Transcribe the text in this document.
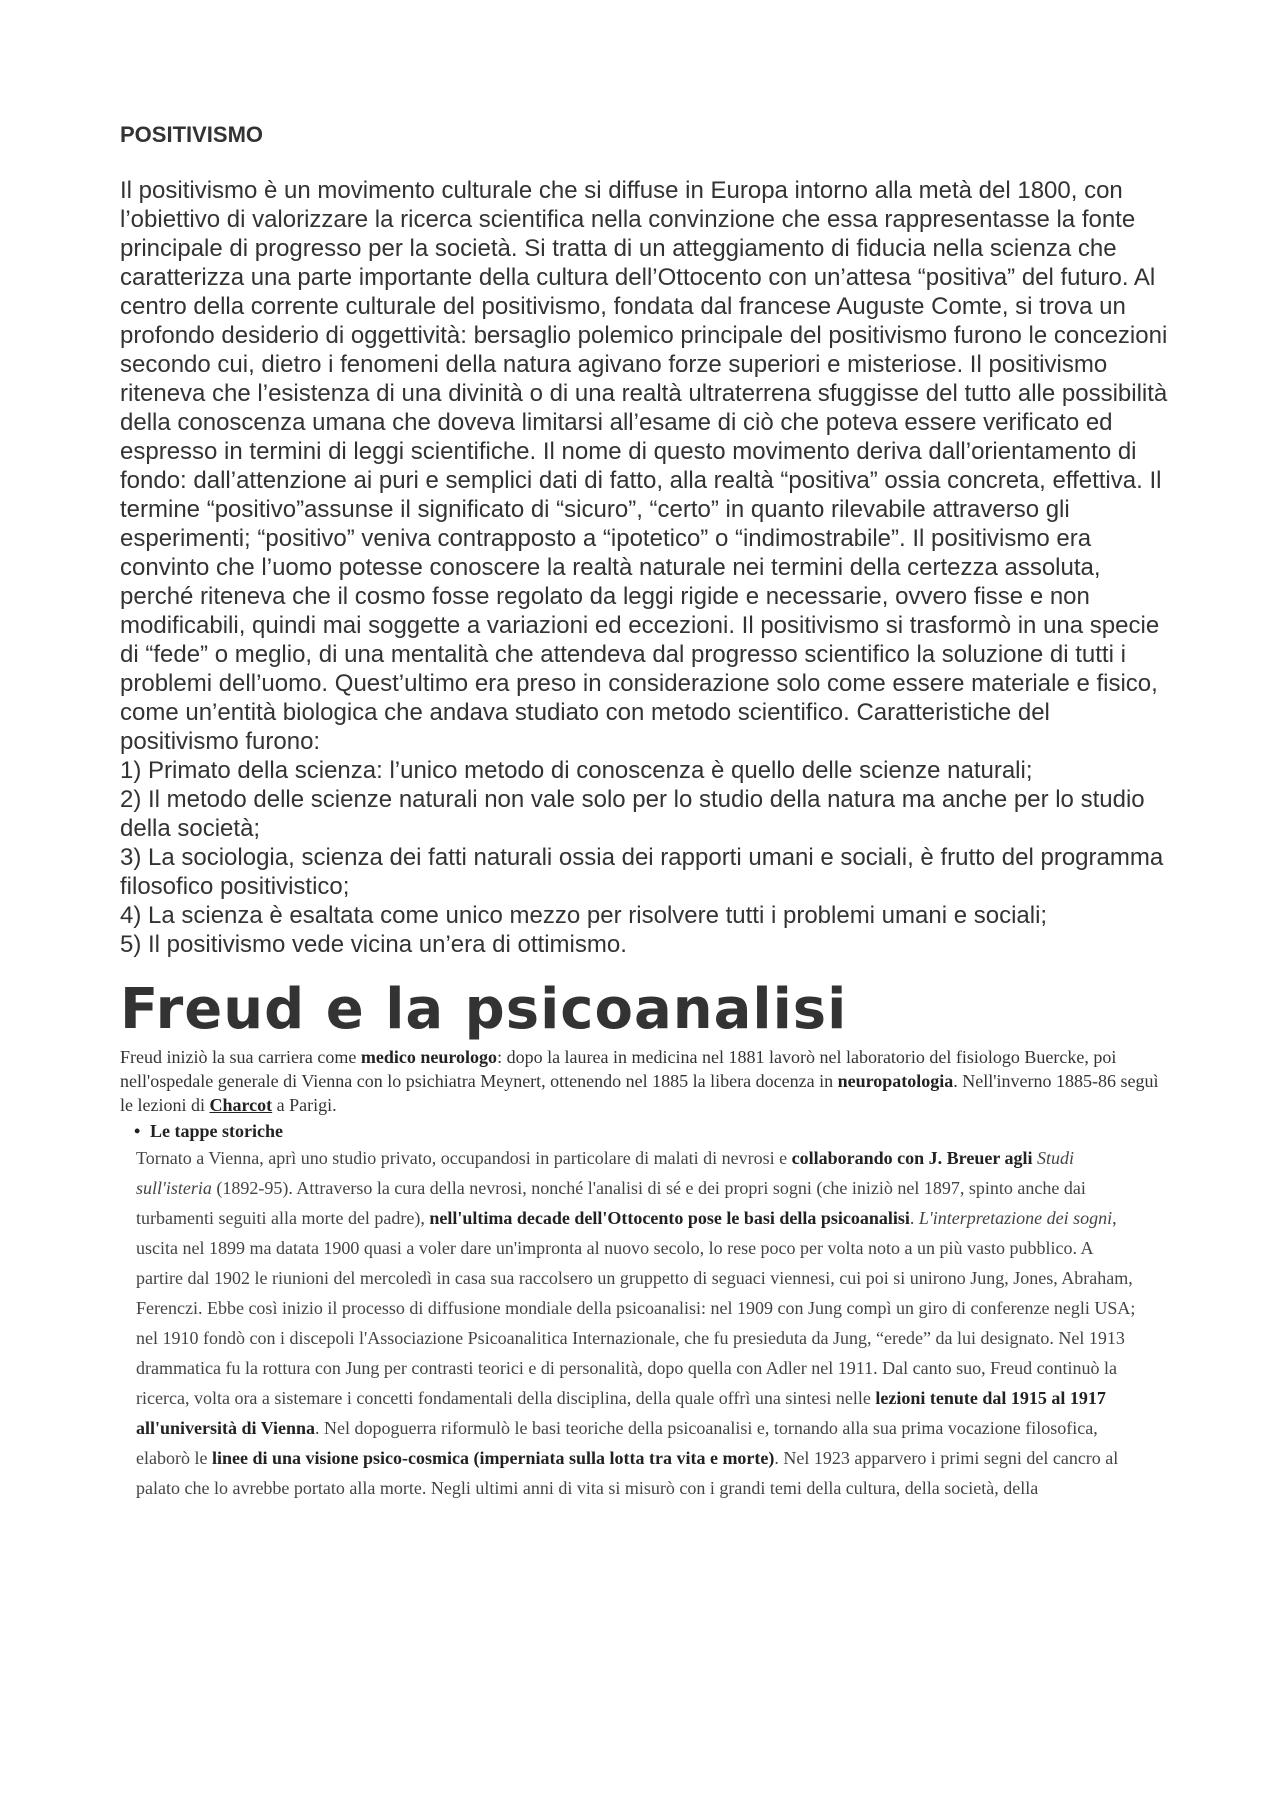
POSITIVISMO

Il positivismo è un movimento culturale che si diffuse in Europa intorno alla metà del 1800, con l’obiettivo di valorizzare la ricerca scientifica nella convinzione che essa rappresentasse la fonte principale di progresso per la società. Si tratta di un atteggiamento di fiducia nella scienza che caratterizza una parte importante della cultura dell’Ottocento con un’attesa “positiva” del futuro. Al centro della corrente culturale del positivismo, fondata dal francese Auguste Comte, si trova un profondo desiderio di oggettività: bersaglio polemico principale del positivismo furono le concezioni secondo cui, dietro i fenomeni della natura agivano forze superiori e misteriose. Il positivismo riteneva che l’esistenza di una divinità o di una realtà ultraterrena sfuggisse del tutto alle possibilità della conoscenza umana che doveva limitarsi all’esame di ciò che poteva essere verificato ed espresso in termini di leggi scientifiche. Il nome di questo movimento deriva dall’orientamento di fondo: dall’attenzione ai puri e semplici dati di fatto, alla realtà “positiva” ossia concreta, effettiva. Il termine “positivo”assunse il significato di “sicuro”, “certo” in quanto rilevabile attraverso gli esperimenti; “positivo” veniva contrapposto a “ipotetico” o “indimostrabile”. Il positivismo era convinto che l’uomo potesse conoscere la realtà naturale nei termini della certezza assoluta, perché riteneva che il cosmo fosse regolato da leggi rigide e necessarie, ovvero fisse e non modificabili, quindi mai soggette a variazioni ed eccezioni. Il positivismo si trasformò in una specie di “fede” o meglio, di una mentalità che attendeva dal progresso scientifico la soluzione di tutti i problemi dell’uomo. Quest’ultimo era preso in considerazione solo come essere materiale e fisico, come un’entità biologica che andava studiato con metodo scientifico. Caratteristiche del positivismo furono:

1) Primato della scienza: l’unico metodo di conoscenza è quello delle scienze naturali;

2) Il metodo delle scienze naturali non vale solo per lo studio della natura ma anche per lo studio della società;

3) La sociologia, scienza dei fatti naturali ossia dei rapporti umani e sociali, è frutto del programma filosofico positivistico;

4) La scienza è esaltata come unico mezzo per risolvere tutti i problemi umani e sociali;

5) Il positivismo vede vicina un’era di ottimismo.

Freud e la psicoanalisi

Freud iniziò la sua carriera come medico neurologo: dopo la laurea in medicina nel 1881 lavorò nel laboratorio del fisiologo Buercke, poi nell'ospedale generale di Vienna con lo psichiatra Meynert, ottenendo nel 1885 la libera docenza in neuropatologia. Nell'inverno 1885-86 seguì le lezioni di Charcot a Parigi.

• Le tappe storiche

Tornato a Vienna, aprì uno studio privato, occupandosi in particolare di malati di nevrosi e collaborando con J. Breuer agli Studi sull'isteria (1892-95). Attraverso la cura della nevrosi, nonché l'analisi di sé e dei propri sogni (che iniziò nel 1897, spinto anche dai turbamenti seguiti alla morte del padre), nell'ultima decade dell'Ottocento pose le basi della psicoanalisi. L'interpretazione dei sogni, uscita nel 1899 ma datata 1900 quasi a voler dare un'impronta al nuovo secolo, lo rese poco per volta noto a un più vasto pubblico. A partire dal 1902 le riunioni del mercoledì in casa sua raccolsero un gruppetto di seguaci viennesi, cui poi si unirono Jung, Jones, Abraham, Ferenczi. Ebbe così inizio il processo di diffusione mondiale della psicoanalisi: nel 1909 con Jung compì un giro di conferenze negli USA; nel 1910 fondò con i discepoli l'Associazione Psicoanalitica Internazionale, che fu presieduta da Jung, “erede” da lui designato. Nel 1913 drammatica fu la rottura con Jung per contrasti teorici e di personalità, dopo quella con Adler nel 1911. Dal canto suo, Freud continuò la ricerca, volta ora a sistemare i concetti fondamentali della disciplina, della quale offrì una sintesi nelle lezioni tenute dal 1915 al 1917 all'università di Vienna. Nel dopoguerra riformulò le basi teoriche della psicoanalisi e, tornando alla sua prima vocazione filosofica, elaborò le linee di una visione psico-cosmica (imperniata sulla lotta tra vita e morte). Nel 1923 apparvero i primi segni del cancro al palato che lo avrebbe portato alla morte. Negli ultimi anni di vita si misurò con i grandi temi della cultura, della società, della
